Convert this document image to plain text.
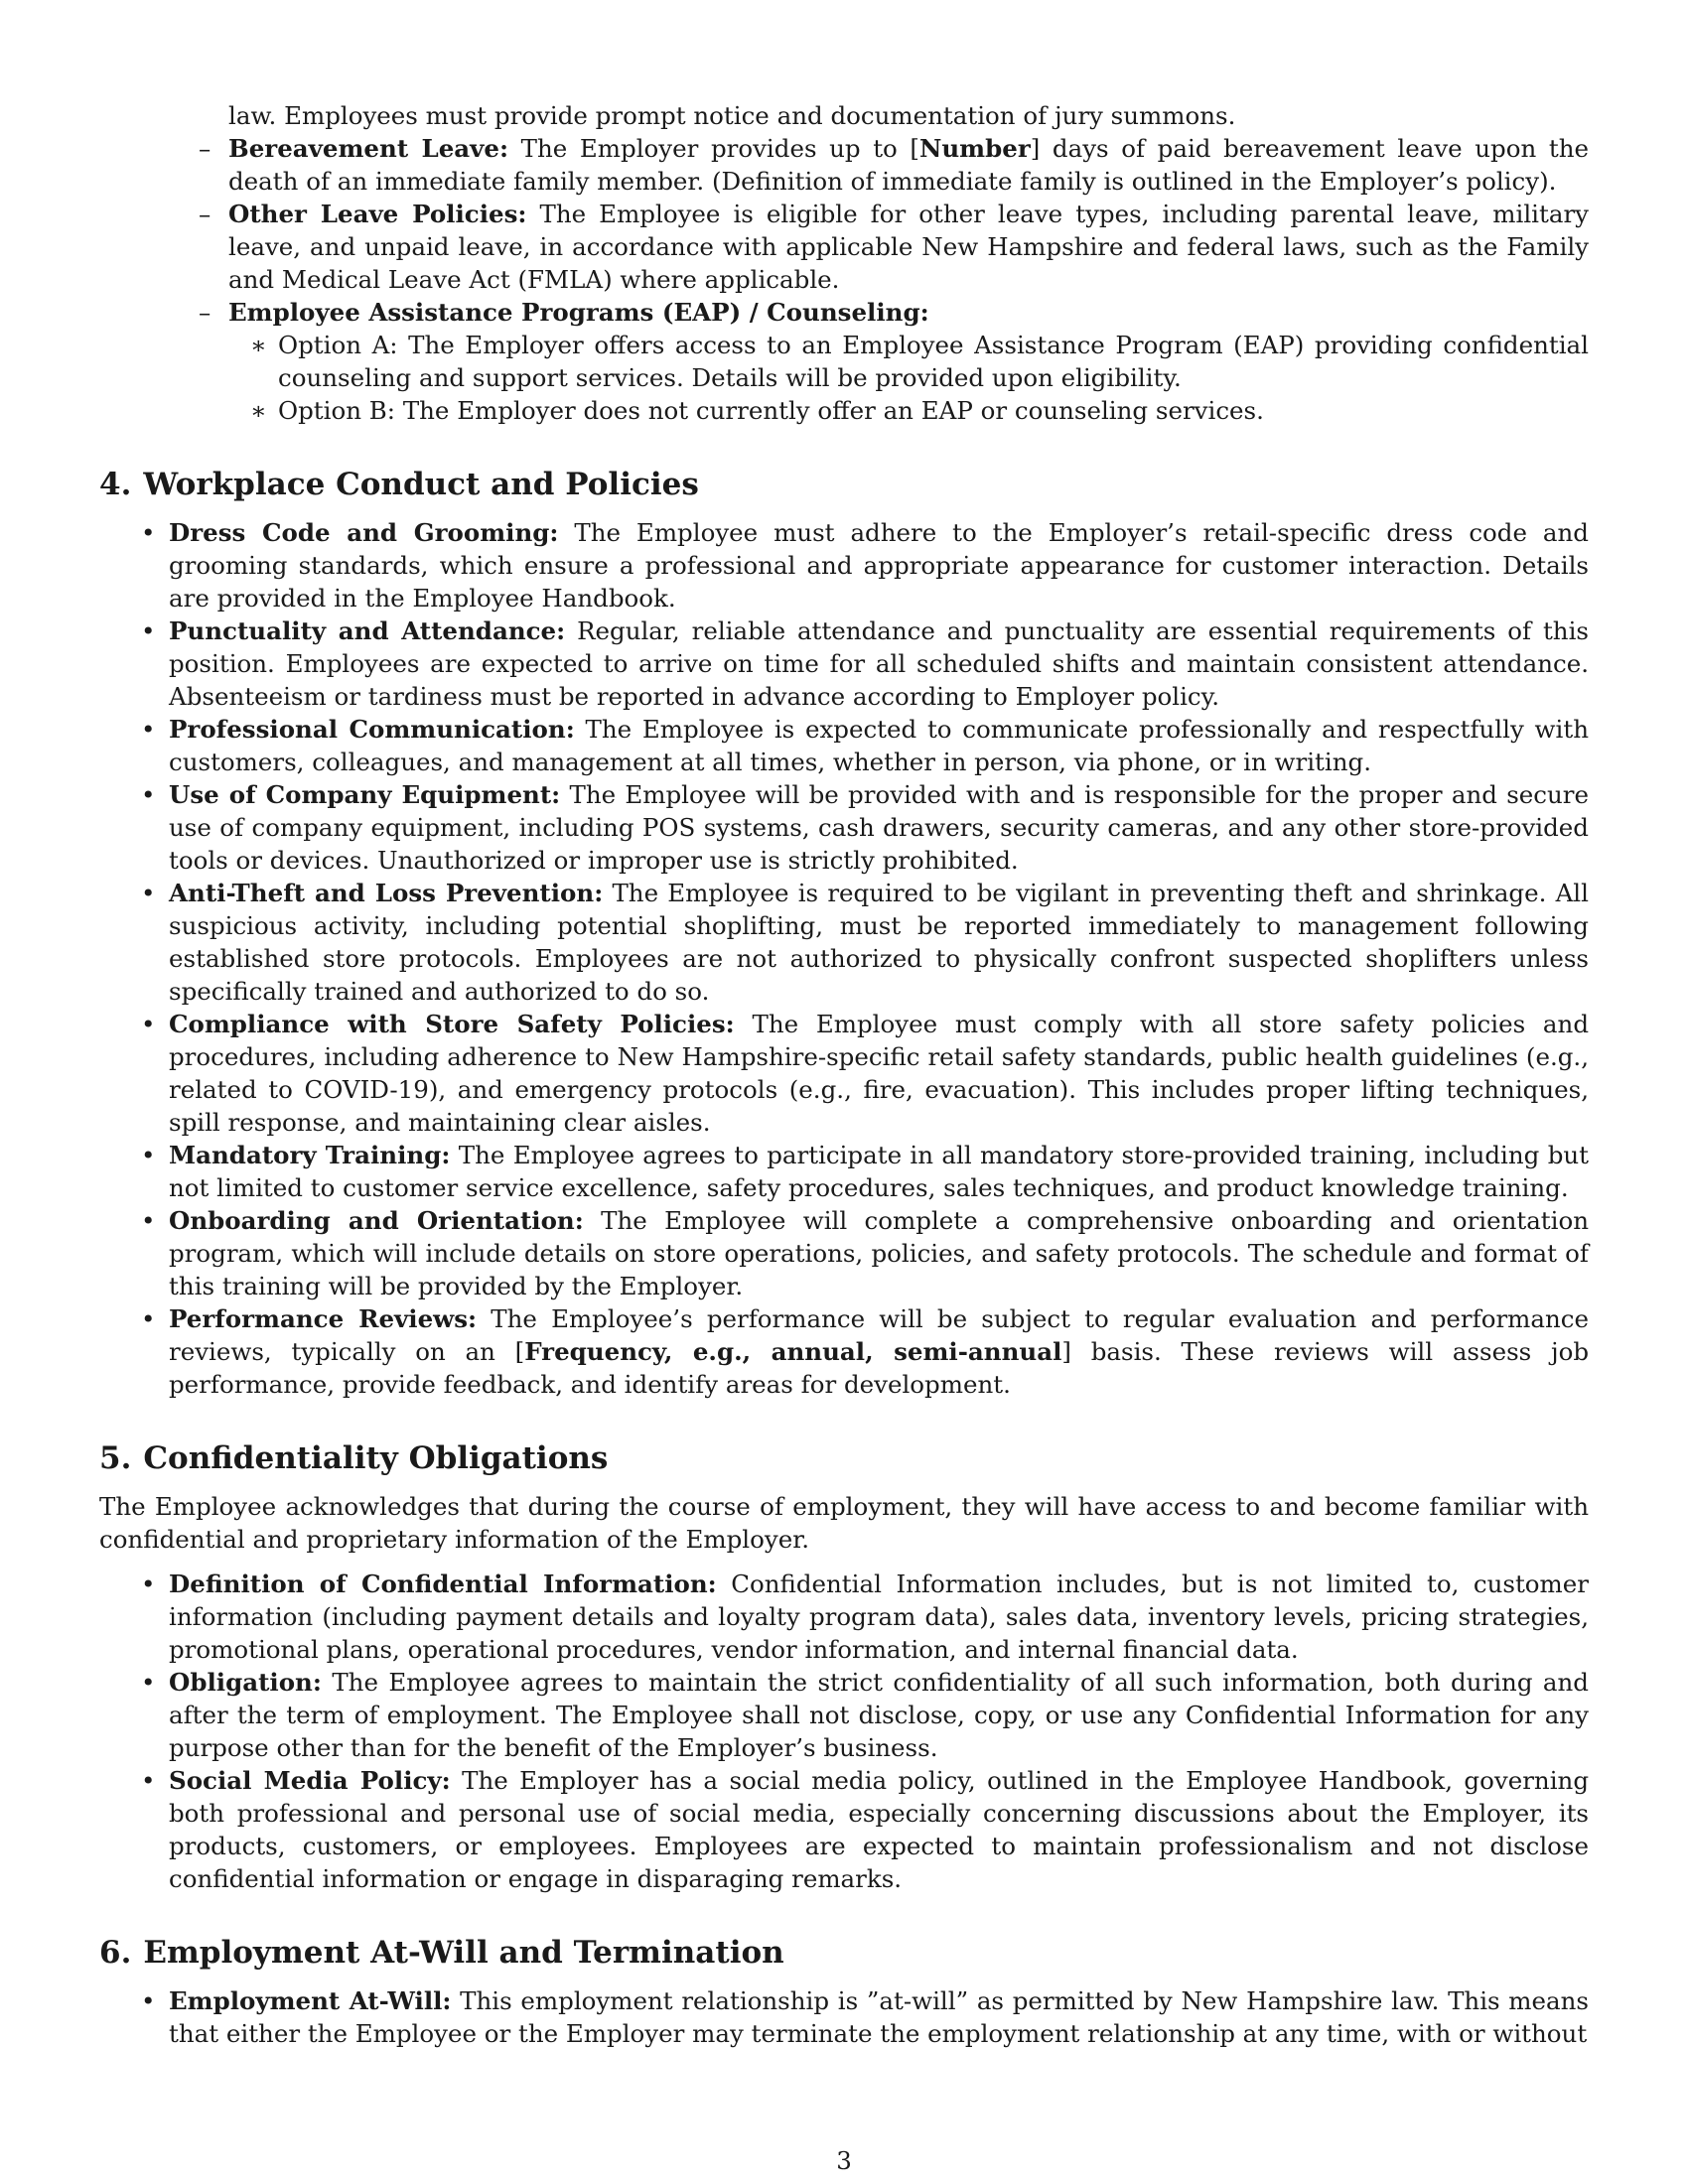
law. Employees must provide prompt notice and documentation of jury summons.

– Bereavement Leave: The Employer provides up to [Number] days of paid bereavement leave upon the death of an immediate family member. (Definition of immediate family is outlined in the Employer’s policy).

– Other Leave Policies: The Employee is eligible for other leave types, including parental leave, military leave, and unpaid leave, in accordance with applicable New Hampshire and federal laws, such as the Family and Medical Leave Act (FMLA) where applicable.

– Employee Assistance Programs (EAP) / Counseling:

∗ Option A: The Employer offers access to an Employee Assistance Program (EAP) providing confidential counseling and support services. Details will be provided upon eligibility.

∗ Option B: The Employer does not currently offer an EAP or counseling services.

4. Workplace Conduct and Policies

• Dress Code and Grooming: The Employee must adhere to the Employer’s retail-specific dress code and grooming standards, which ensure a professional and appropriate appearance for customer interaction. Details are provided in the Employee Handbook.

• Punctuality and Attendance: Regular, reliable attendance and punctuality are essential requirements of this position. Employees are expected to arrive on time for all scheduled shifts and maintain consistent attendance. Absenteeism or tardiness must be reported in advance according to Employer policy.

• Professional Communication: The Employee is expected to communicate professionally and respectfully with customers, colleagues, and management at all times, whether in person, via phone, or in writing.

• Use of Company Equipment: The Employee will be provided with and is responsible for the proper and secure use of company equipment, including POS systems, cash drawers, security cameras, and any other store-provided tools or devices. Unauthorized or improper use is strictly prohibited.

• Anti-Theft and Loss Prevention: The Employee is required to be vigilant in preventing theft and shrinkage. All suspicious activity, including potential shoplifting, must be reported immediately to management following established store protocols. Employees are not authorized to physically confront suspected shoplifters unless specifically trained and authorized to do so.

• Compliance with Store Safety Policies: The Employee must comply with all store safety policies and procedures, including adherence to New Hampshire-specific retail safety standards, public health guidelines (e.g., related to COVID-19), and emergency protocols (e.g., fire, evacuation). This includes proper lifting techniques, spill response, and maintaining clear aisles.

• Mandatory Training: The Employee agrees to participate in all mandatory store-provided training, including but not limited to customer service excellence, safety procedures, sales techniques, and product knowledge training.

• Onboarding and Orientation: The Employee will complete a comprehensive onboarding and orientation program, which will include details on store operations, policies, and safety protocols. The schedule and format of this training will be provided by the Employer.

• Performance Reviews: The Employee’s performance will be subject to regular evaluation and performance reviews, typically on an [Frequency, e.g., annual, semi-annual] basis. These reviews will assess job performance, provide feedback, and identify areas for development.

5. Confidentiality Obligations

The Employee acknowledges that during the course of employment, they will have access to and become familiar with confidential and proprietary information of the Employer.

• Definition of Confidential Information: Confidential Information includes, but is not limited to, customer information (including payment details and loyalty program data), sales data, inventory levels, pricing strategies, promotional plans, operational procedures, vendor information, and internal financial data.

• Obligation: The Employee agrees to maintain the strict confidentiality of all such information, both during and after the term of employment. The Employee shall not disclose, copy, or use any Confidential Information for any purpose other than for the benefit of the Employer’s business.

• Social Media Policy: The Employer has a social media policy, outlined in the Employee Handbook, governing both professional and personal use of social media, especially concerning discussions about the Employer, its products, customers, or employees. Employees are expected to maintain professionalism and not disclose confidential information or engage in disparaging remarks.

6. Employment At-Will and Termination

• Employment At-Will: This employment relationship is ”at-will” as permitted by New Hampshire law. This means that either the Employee or the Employer may terminate the employment relationship at any time, with or without

3
